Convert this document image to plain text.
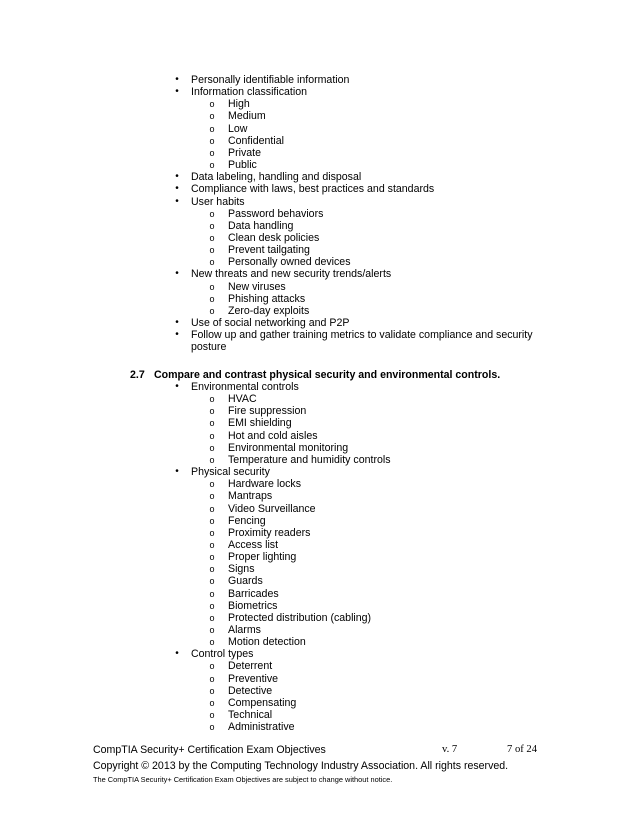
•	Personally identifiable information
•	Information classification
o	High
o	Medium
o	Low
o	Confidential
o	Private
o	Public
•	Data labeling, handling and disposal
•	Compliance with laws, best practices and standards
•	User habits
o	Password behaviors
o	Data handling
o	Clean desk policies
o	Prevent tailgating
o	Personally owned devices
•	New threats and new security trends/alerts
o	New viruses
o	Phishing attacks
o	Zero-day exploits
•	Use of social networking and P2P
•	Follow up and gather training metrics to validate compliance and security
posture
2.7 Compare and contrast physical security and environmental controls.
•	Environmental controls
o	HVAC
o	Fire suppression
o	EMI shielding
o	Hot and cold aisles
o	Environmental monitoring
o	Temperature and humidity controls
•	Physical security
o	Hardware locks
o	Mantraps
o	Video Surveillance
o	Fencing
o	Proximity readers
o	Access list
o	Proper lighting
o	Signs
o	Guards
o	Barricades
o	Biometrics
o	Protected distribution (cabling)
o	Alarms
o	Motion detection
•	Control types
o	Deterrent
o	Preventive
o	Detective
o	Compensating
o	Technical
o	Administrative
CompTIA Security+ Certification Exam Objectives	v. 7	7 of 24
Copyright © 2013 by the Computing Technology Industry Association. All rights reserved.
The CompTIA Security+ Certification Exam Objectives are subject to change without notice.
